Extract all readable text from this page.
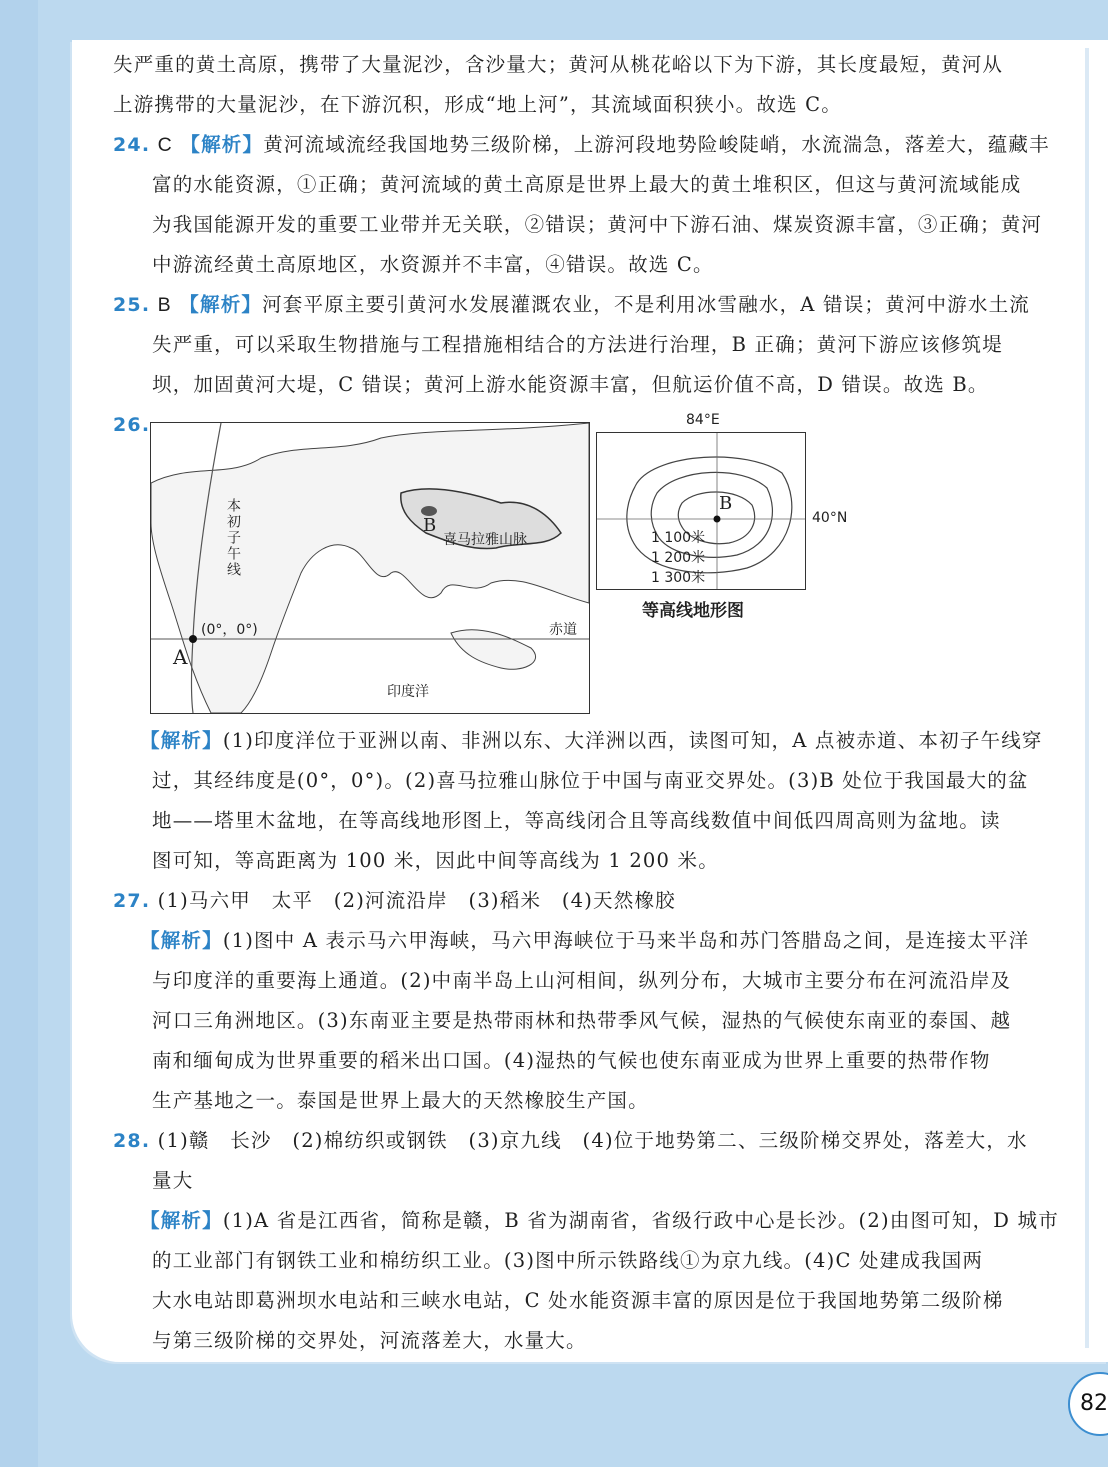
失严重的黄土高原，携带了大量泥沙，含沙量大；黄河从桃花峪以下为下游，其长度最短，黄河从
上游携带的大量泥沙，在下游沉积，形成“地上河”，其流域面积狭小。故选 C。
24. C 【解析】黄河流域流经我国地势三级阶梯，上游河段地势险峻陡峭，水流湍急，落差大，蕴藏丰
富的水能资源，①正确；黄河流域的黄土高原是世界上最大的黄土堆积区，但这与黄河流域能成
为我国能源开发的重要工业带并无关联，②错误；黄河中下游石油、煤炭资源丰富，③正确；黄河
中游流经黄土高原地区，水资源并不丰富，④错误。故选 C。
25. B 【解析】河套平原主要引黄河水发展灌溉农业，不是利用冰雪融水，A 错误；黄河中游水土流
失严重，可以采取生物措施与工程措施相结合的方法进行治理，B 正确；黄河下游应该修筑堤
坝，加固黄河大堤，C 错误；黄河上游水能资源丰富，但航运价值不高，D 错误。故选 B。
26.
本初子午线
(0°，0°)
A
B
喜马拉雅山脉
赤道
印度洋
84°E
B
1 100米
1 200米
1 300米
40°N
等高线地形图
【解析】(1)印度洋位于亚洲以南、非洲以东、大洋洲以西，读图可知，A 点被赤道、本初子午线穿
过，其经纬度是(0°，0°)。(2)喜马拉雅山脉位于中国与南亚交界处。(3)B 处位于我国最大的盆
地——塔里木盆地，在等高线地形图上，等高线闭合且等高线数值中间低四周高则为盆地。读
图可知，等高距离为 100 米，因此中间等高线为 1 200 米。
27. (1)马六甲　太平　(2)河流沿岸　(3)稻米　(4)天然橡胶
【解析】(1)图中 A 表示马六甲海峡，马六甲海峡位于马来半岛和苏门答腊岛之间，是连接太平洋
与印度洋的重要海上通道。(2)中南半岛上山河相间，纵列分布，大城市主要分布在河流沿岸及
河口三角洲地区。(3)东南亚主要是热带雨林和热带季风气候，湿热的气候使东南亚的泰国、越
南和缅甸成为世界重要的稻米出口国。(4)湿热的气候也使东南亚成为世界上重要的热带作物
生产基地之一。泰国是世界上最大的天然橡胶生产国。
28. (1)赣　长沙　(2)棉纺织或钢铁　(3)京九线　(4)位于地势第二、三级阶梯交界处，落差大，水
量大
【解析】(1)A 省是江西省，简称是赣，B 省为湖南省，省级行政中心是长沙。(2)由图可知，D 城市
的工业部门有钢铁工业和棉纺织工业。(3)图中所示铁路线①为京九线。(4)C 处建成我国两
大水电站即葛洲坝水电站和三峡水电站，C 处水能资源丰富的原因是位于我国地势第二级阶梯
与第三级阶梯的交界处，河流落差大，水量大。
82
